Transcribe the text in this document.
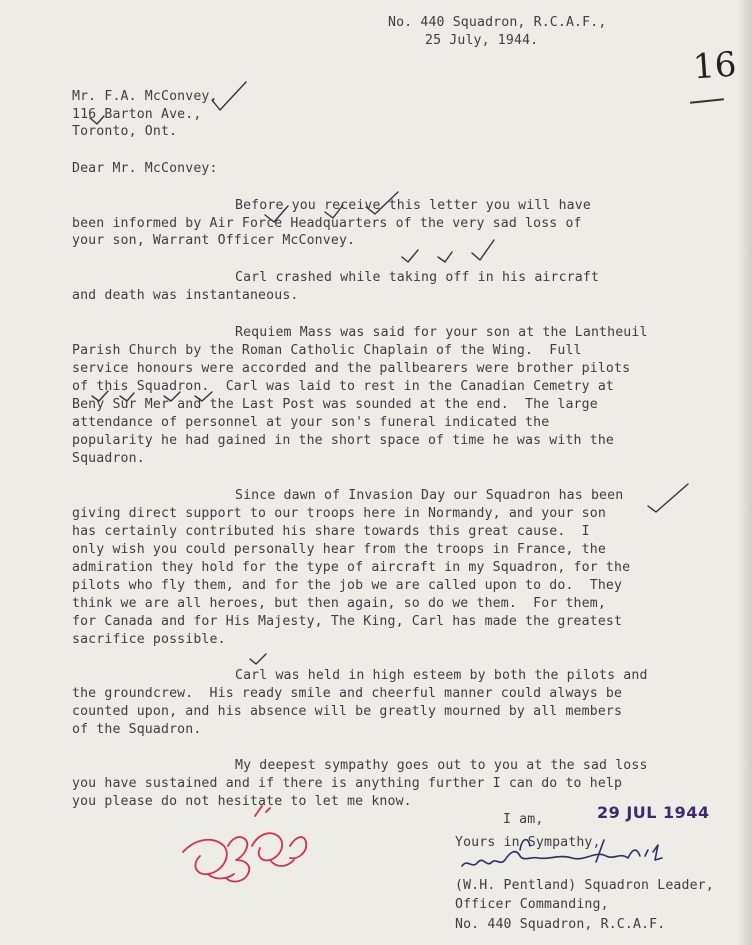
No. 440 Squadron, R.C.A.F.,
25 July, 1944.
16
Mr. F.A. McConvey,
116 Barton Ave.,
Toronto, Ont.
Dear Mr. McConvey:
Before you receive this letter you will have
been informed by Air Force Headquarters of the very sad loss of
your son, Warrant Officer McConvey.
Carl crashed while taking off in his aircraft
and death was instantaneous.
Requiem Mass was said for your son at the Lantheuil
Parish Church by the Roman Catholic Chaplain of the Wing.  Full
service honours were accorded and the pallbearers were brother pilots
of this Squadron.  Carl was laid to rest in the Canadian Cemetry at
Beny Sur Mer and the Last Post was sounded at the end.  The large
attendance of personnel at your son's funeral indicated the
popularity he had gained in the short space of time he was with the
Squadron.
Since dawn of Invasion Day our Squadron has been
giving direct support to our troops here in Normandy, and your son
has certainly contributed his share towards this great cause.  I
only wish you could personally hear from the troops in France, the
admiration they hold for the type of aircraft in my Squadron, for the
pilots who fly them, and for the job we are called upon to do.  They
think we are all heroes, but then again, so do we them.  For them,
for Canada and for His Majesty, The King, Carl has made the greatest
sacrifice possible.
Carl was held in high esteem by both the pilots and
the groundcrew.  His ready smile and cheerful manner could always be
counted upon, and his absence will be greatly mourned by all members
of the Squadron.
My deepest sympathy goes out to you at the sad loss
you have sustained and if there is anything further I can do to help
you please do not hesitate to let me know.
I am,
Yours in Sympathy,
(W.H. Pentland) Squadron Leader,
Officer Commanding,
No. 440 Squadron, R.C.A.F.
29 JUL 1944
